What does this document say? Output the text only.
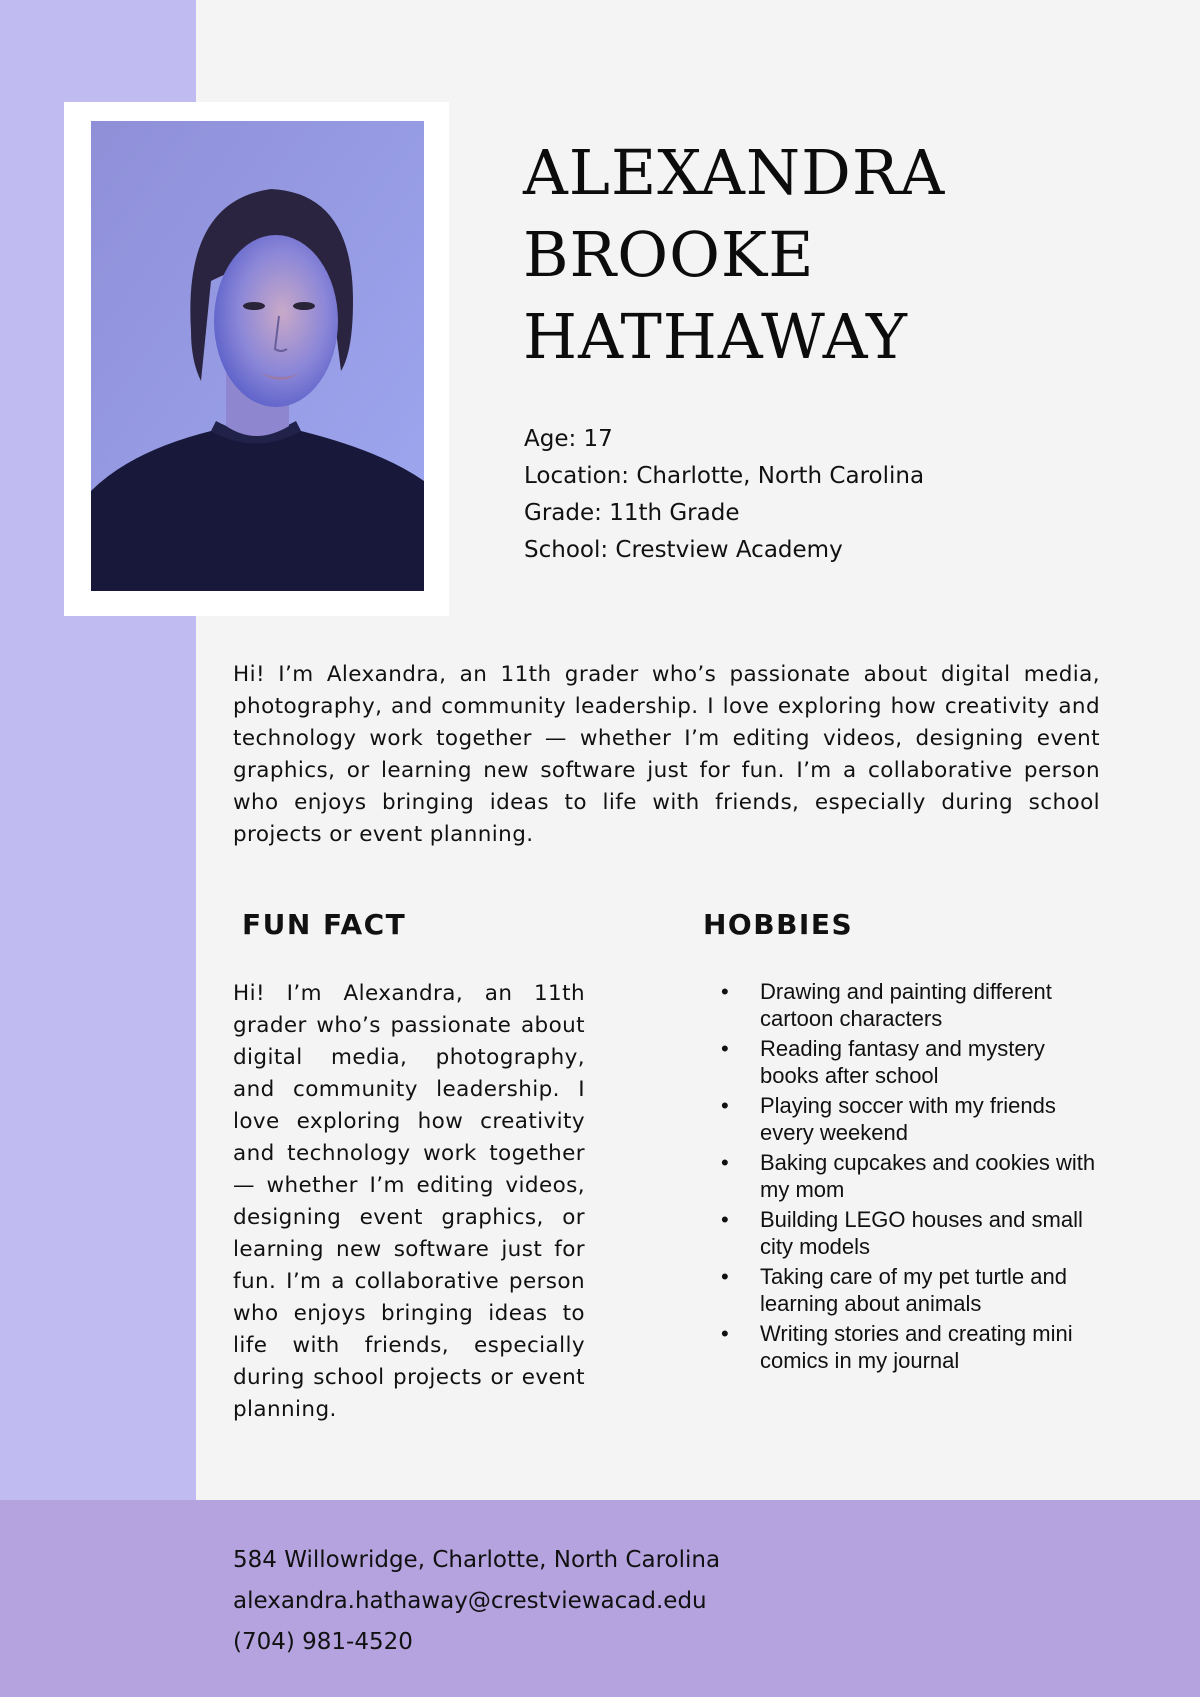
ALEXANDRA
BROOKE
HATHAWAY
Age: 17
Location: Charlotte, North Carolina
Grade: 11th Grade
School: Crestview Academy

Hi! I’m Alexandra, an 11th grader who’s passionate about digital media, photography, and community leadership. I love exploring how creativity and technology work together — whether I’m editing videos, designing event graphics, or learning new software just for fun. I’m a collaborative person who enjoys bringing ideas to life with friends, especially during school projects or event planning.

FUN FACT	HOBBIES

Hi! I’m Alexandra, an 11th grader who’s passionate about digital media, photography, and community leadership. I love exploring how creativity and technology work together — whether I’m editing videos, designing event graphics, or learning new software just for fun. I’m a collaborative person who enjoys bringing ideas to life with friends, especially during school projects or event planning.

• Drawing and painting different cartoon characters
• Reading fantasy and mystery books after school
• Playing soccer with my friends every weekend
• Baking cupcakes and cookies with my mom
• Building LEGO houses and small city models
• Taking care of my pet turtle and learning about animals
• Writing stories and creating mini comics in my journal
584 Willowridge, Charlotte, North Carolina
alexandra.hathaway@crestviewacad.edu
(704) 981-4520
